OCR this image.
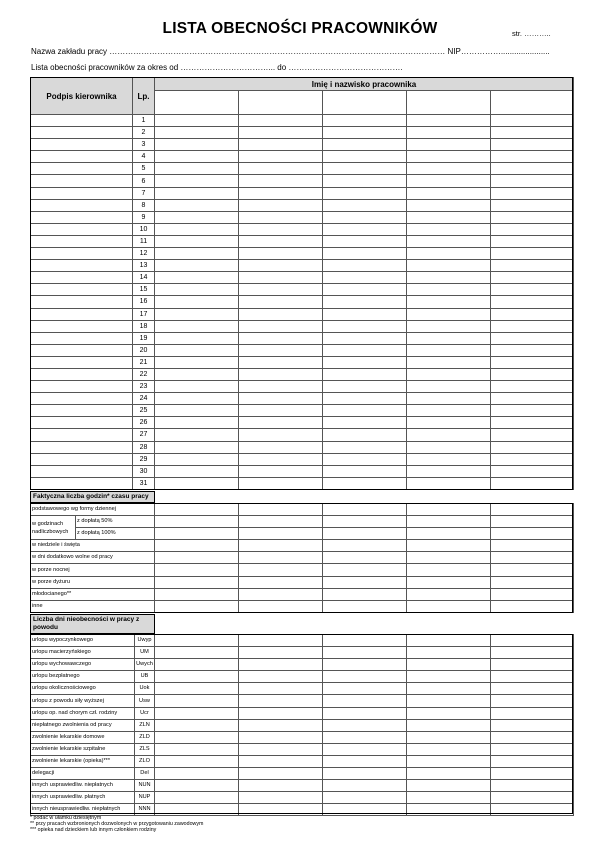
LISTA OBECNOŚCI PRACOWNIKÓW	str. ………..
Nazwa zakładu pracy ……………………………………………………………………………………………………………… NIP……………......................
Lista obecności pracowników za okres od ……………………………... do …………………………………….
Podpis kierownika	Lp.	Imię i nazwisko pracownika				

	1					
	2					
	3					
	4					
	5					
	6					
	7					
	8					
	9					
	10					
	11					
	12					
	13					
	14					
	15					
	16					
	17					
	18					
	19					
	20					
	21					
	22					
	23					
	24					
	25					
	26					
	27					
	28					
	29					
	30					
	31					
Faktyczna liczba godzin* czasu pracy
podstawowego wg formy dziennej						
w godzinach nadliczbowych	z dopłatą 50%					
	z dopłatą 100%					
w niedziele i święta						
w dni dodatkowo wolne od pracy						
w porze nocnej						
w porze dyżuru						
młodocianego**						
inne						
Liczba dni nieobecności w pracy z powodu
urlopu wypoczynkowego	Uwyp					
urlopu macierzyńskiego	UM					
urlopu wychowawczego	Uwych					
urlopu bezpłatnego	UB					
urlopu okolicznościowego	Uok					
urlopu z powodu siły wyższej	Usw					
urlopu op. nad chorym czł. rodziny	Ucr					
niepłatnego zwolnienia od pracy	ZLN					
zwolnienie lekarskie domowe	ZLD					
zwolnienie lekarskie szpitalne	ZLS					
zwolnienie lekarskie (opieka)***	ZLO					
delegacji	Del					
innych usprawiedliw. niepłatnych	NUN					
innych usprawiedliw. płatnych	NUP					
innych nieusprawiedliw. niepłatnych	NNN					
* podać w ułamku dziesiętnym
** przy pracach wzbronionych dozwolonych w przygotowaniu zawodowym
*** opieka nad dzieckiem lub innym członkiem rodziny
